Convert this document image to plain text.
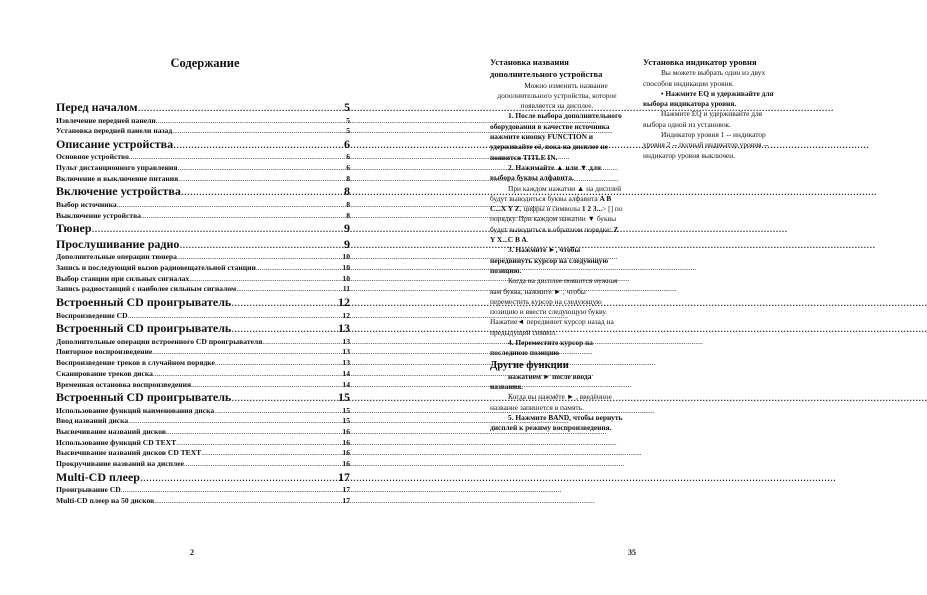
Содержание
Перед началом .....	5
Извлечение передней панели .....	5
Установка передней панели назад .....	5
Описание устройства .....	6
Основное устройство .....	6
Пульт дистанционного управления .....	6
Включение и выключение питания .....	8
Включение устройства .....	8
Выбор источника .....	8
Выключение устройства .....	8
Тюнер .....	9
Прослушивание радио .....	9
Дополнительные операции тюнера .....	10
Запись и последующий вызов радиовещательной станции .....	10
Выбор станции при сильных сигналах .....	10
Запись радиостанций с наиболее сильным сигналом .....	11
Встроенный CD проигрыватель .....	12
Воспроизведение CD .....	12
Встроенный CD проигрыватель .....	13
Дополнительные операции встроенного CD проигрывателя .....	13
Повторное воспроизведение .....	13
Воспроизведение треков в случайном порядке .....	13
Сканирование треков диска .....	14
Временная остановка воспроизведения .....	14
Встроенный CD проигрыватель .....	15
Использование функций наименования диска .....	15
Ввод названий диска .....	15
Высвечивание названий дисков .....	16
Использование функций CD TEXT .....	16
Высвечивание названий дисков CD TEXT .....	16
Прокручивание названий на дисплее .....	16
Multi-CD плеер .....	17
Проигрывание CD .....	17
Multi-CD плеер на 50 дисков .....	17
2

Установка названия дополнительного устройства

Можно изменить название дополнительного устройства, которое появляется на дисплее.

1. После выбора дополнительного оборудования в качестве источника нажмите кнопку FUNCTION и удерживайте её, пока на дисплее не появится TITLE IN.

2. Нажимайте ▲ или ▼ для выбора буквы алфавита.

При каждом нажатии ▲ на дисплей будут выводиться буквы алфавита A B C...X Y Z, цифры и символы 1 2 3...> [] по порядку. При каждом нажатии ▼ буквы будут выводиться в обратном порядке: Z Y X...C B A.

3. Нажмите ►, чтобы передвинуть курсор на следующую позицию.

Когда на дисплее появится нужная вам буква, нажмите ► , чтобы переместить курсор на следующую позицию и ввести следующую букву. Нажатие◄ передвинет курсор назад на предыдущий символ.

4. Переместите курсор на последнюю позицию

Другие функции

нажатием ► после ввода названия.

Когда вы нажмёте ► , введённое название запишется в память.

5. Нажмите BAND, чтобы вернуть дисплей к режиму воспроизведения.

Установка индикатор уровня

Вы можете выбрать один из двух способов индикации уровня.

• Нажмите EQ и удерживайте для выбора индикатора уровня.

Нажмите EQ и удерживайте для выбора одной из установок.

Индикатор уровня 1 -- индикатор уровня 2 -- полный индикатор уровня -- индикатор уровня выключен.

35
